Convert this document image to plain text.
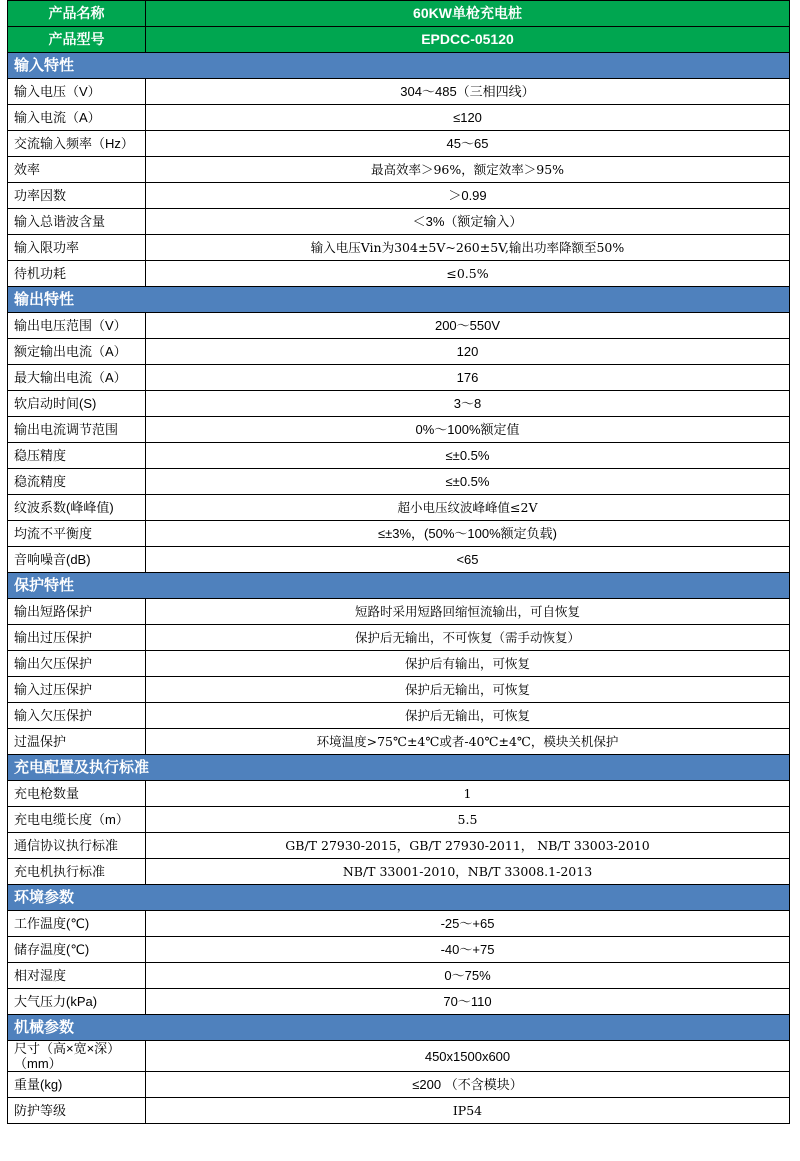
产品名称	60KW单枪充电桩
产品型号	EPDCC-05120
输入特性	
输入电压（V）	304～485（三相四线）
输入电流（A）	≤120
交流输入频率（Hz）	45～65
效率	最高效率＞96%，额定效率＞95%
功率因数	＞0.99
输入总谐波含量	＜3%（额定输入）
输入限功率	输入电压Vin为304±5V~260±5V,输出功率降额至50%
待机功耗	≤0.5%
输出特性	
输出电压范围（V）	200～550V
额定输出电流（A）	120
最大输出电流（A）	176
软启动时间(S)	3～8
输出电流调节范围	0%～100%额定值
稳压精度	≤±0.5%
稳流精度	≤±0.5%
纹波系数(峰峰值)	超小电压纹波峰峰值≤2V
均流不平衡度	≤±3%，(50%～100%额定负载)
音响噪音(dB)	<65
保护特性	
输出短路保护	短路时采用短路回缩恒流输出，可自恢复
输出过压保护	保护后无输出，不可恢复（需手动恢复）
输出欠压保护	保护后有输出，可恢复
输入过压保护	保护后无输出，可恢复
输入欠压保护	保护后无输出，可恢复
过温保护	环境温度>75℃±4℃或者-40℃±4℃，模块关机保护
充电配置及执行标准	
充电枪数量	1
充电电缆长度（m）	5.5
通信协议执行标准	GB/T 27930-2015，GB/T 27930-2011， NB/T 33003-2010
充电机执行标准	NB/T 33001-2010，NB/T 33008.1-2013
环境参数	
工作温度(℃)	-25～+65
储存温度(℃)	-40～+75
相对湿度	0～75%
大气压力(kPa)	70～110
机械参数	
尺寸（高×宽×深）（mm）	450x1500x600
重量(kg)	≤200 （不含模块）
防护等级	IP54
